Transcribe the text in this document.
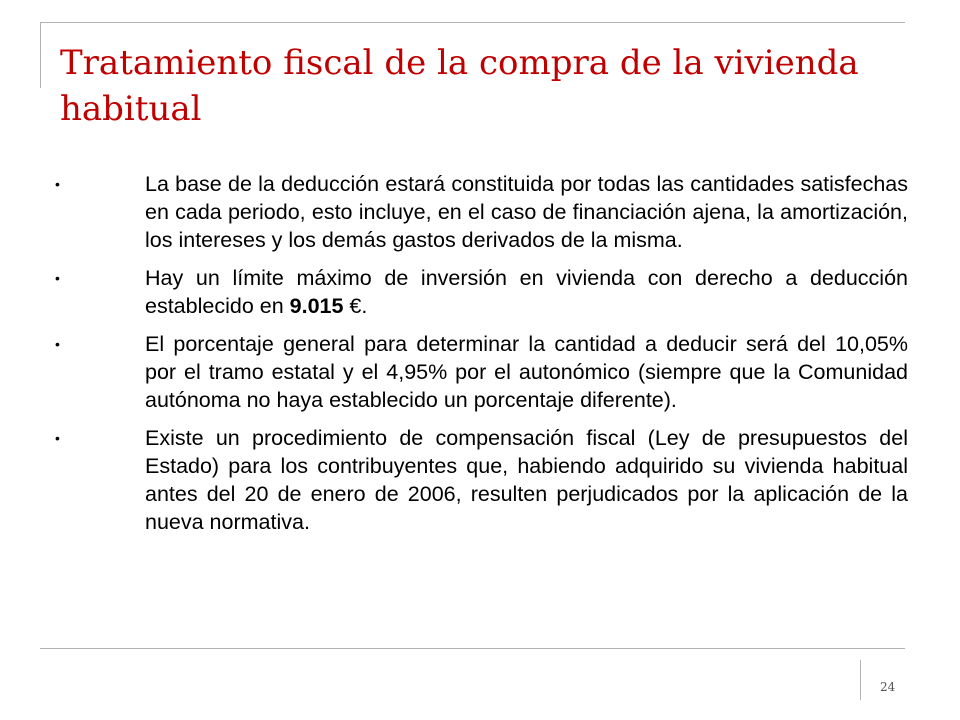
Tratamiento fiscal de la compra de la vivienda habitual
•	La base de la deducción estará constituida por todas las cantidades satisfechas en cada periodo, esto incluye, en el caso de financiación ajena, la amortización, los intereses y los demás gastos derivados de la misma.
•	Hay un límite máximo de inversión en vivienda con derecho a deducción establecido en 9.015 €.
•	El porcentaje general para determinar la cantidad a deducir será del 10,05% por el tramo estatal y el 4,95% por el autonómico (siempre que la Comunidad autónoma no haya establecido un porcentaje diferente).
•	Existe un procedimiento de compensación fiscal (Ley de presupuestos del Estado) para los contribuyentes que, habiendo adquirido su vivienda habitual antes del 20 de enero de 2006, resulten perjudicados por la aplicación de la nueva normativa.
24
